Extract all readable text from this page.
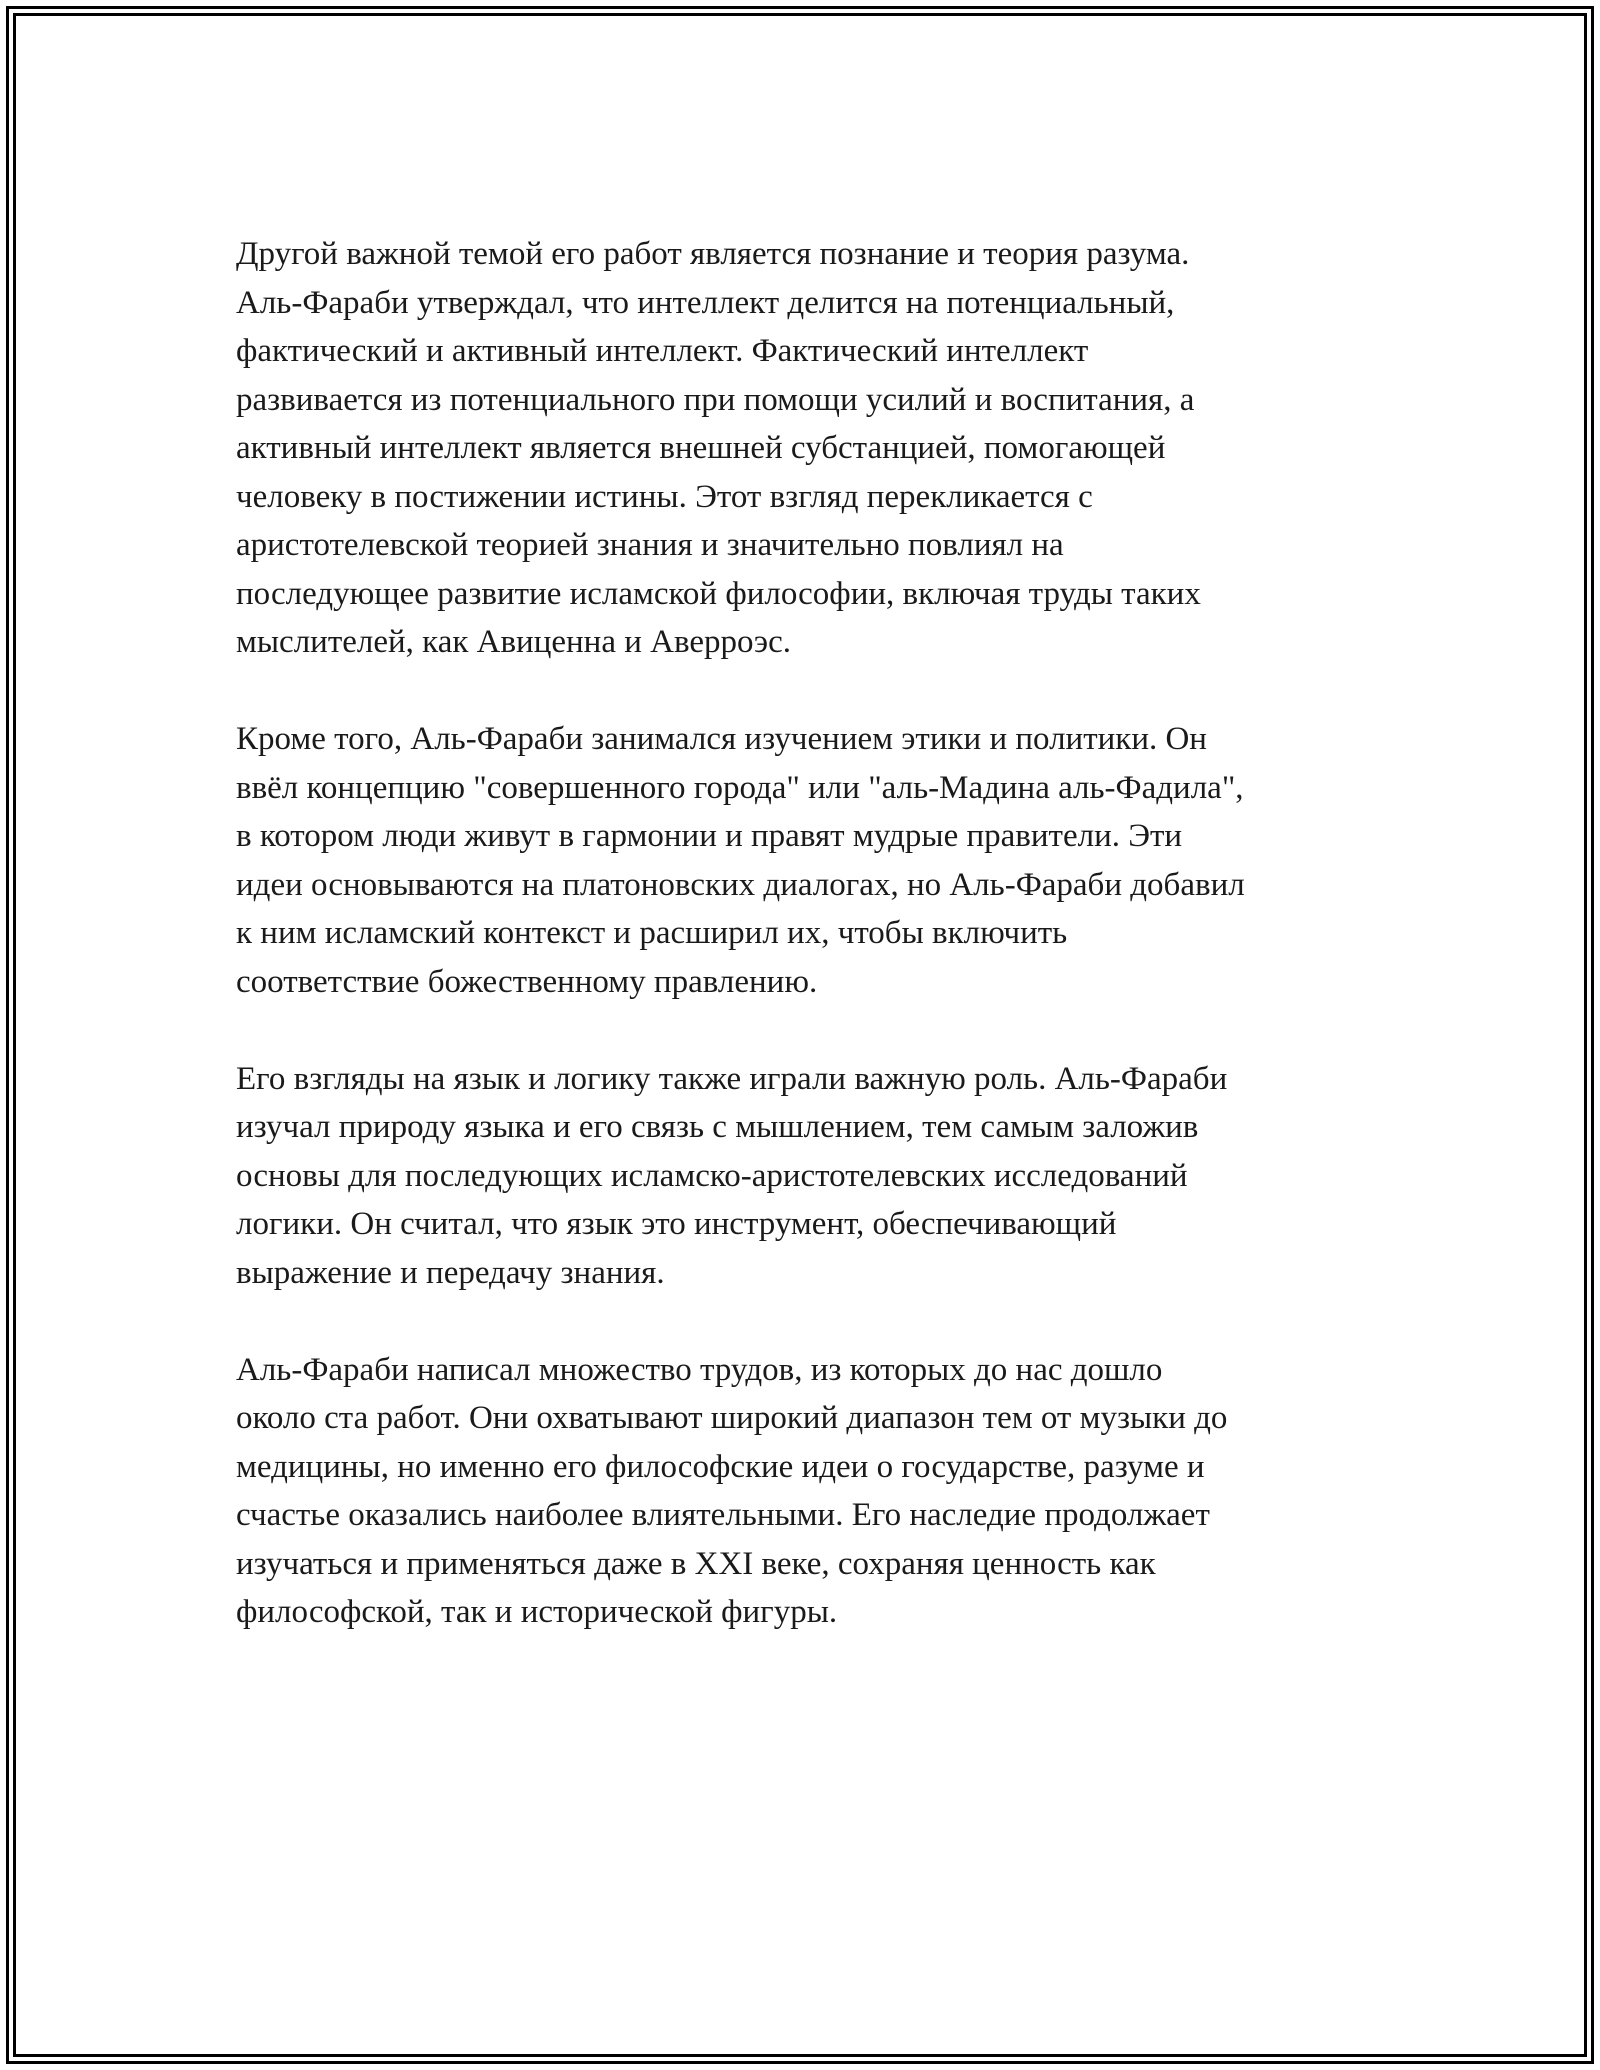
Другой важной темой его работ является познание и теория разума.
Аль-Фараби утверждал, что интеллект делится на потенциальный,
фактический и активный интеллект. Фактический интеллект
развивается из потенциального при помощи усилий и воспитания, а
активный интеллект является внешней субстанцией, помогающей
человеку в постижении истины. Этот взгляд перекликается с
аристотелевской теорией знания и значительно повлиял на
последующее развитие исламской философии, включая труды таких
мыслителей, как Авиценна и Аверроэс.
Кроме того, Аль-Фараби занимался изучением этики и политики. Он
ввёл концепцию "совершенного города" или "аль-Мадина аль-Фадила",
в котором люди живут в гармонии и правят мудрые правители. Эти
идеи основываются на платоновских диалогах, но Аль-Фараби добавил
к ним исламский контекст и расширил их, чтобы включить
соответствие божественному правлению.
Его взгляды на язык и логику также играли важную роль. Аль-Фараби
изучал природу языка и его связь с мышлением, тем самым заложив
основы для последующих исламско-аристотелевских исследований
логики. Он считал, что язык это инструмент, обеспечивающий
выражение и передачу знания.
Аль-Фараби написал множество трудов, из которых до нас дошло
около ста работ. Они охватывают широкий диапазон тем от музыки до
медицины, но именно его философские идеи о государстве, разуме и
счастье оказались наиболее влиятельными. Его наследие продолжает
изучаться и применяться даже в XXI веке, сохраняя ценность как
философской, так и исторической фигуры.
